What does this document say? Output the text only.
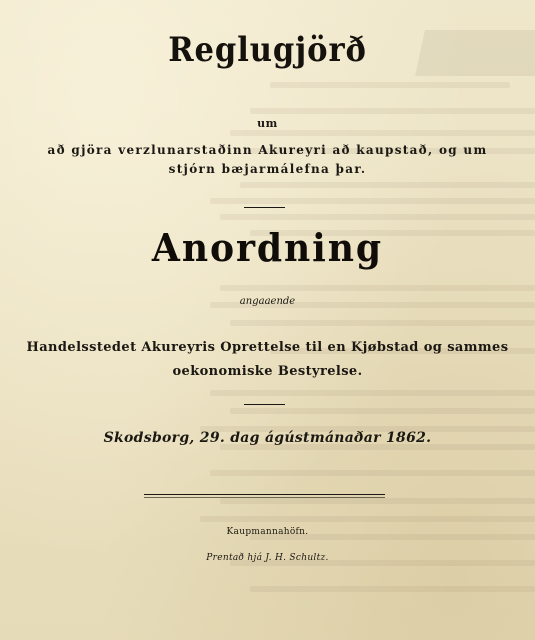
Reglugjörð
um
að gjöra verzlunarstaðinn Akureyri að kaupstað, og um
stjórn bæjarmálefna þar.
Anordning
angaaende
Handelsstedet Akureyris Oprettelse til en Kjøbstad og sammes
oekonomiske Bestyrelse.
Skodsborg, 29. dag ágústmánaðar 1862.
Kaupmannahöfn.
Prentað hjá J. H. Schultz.
